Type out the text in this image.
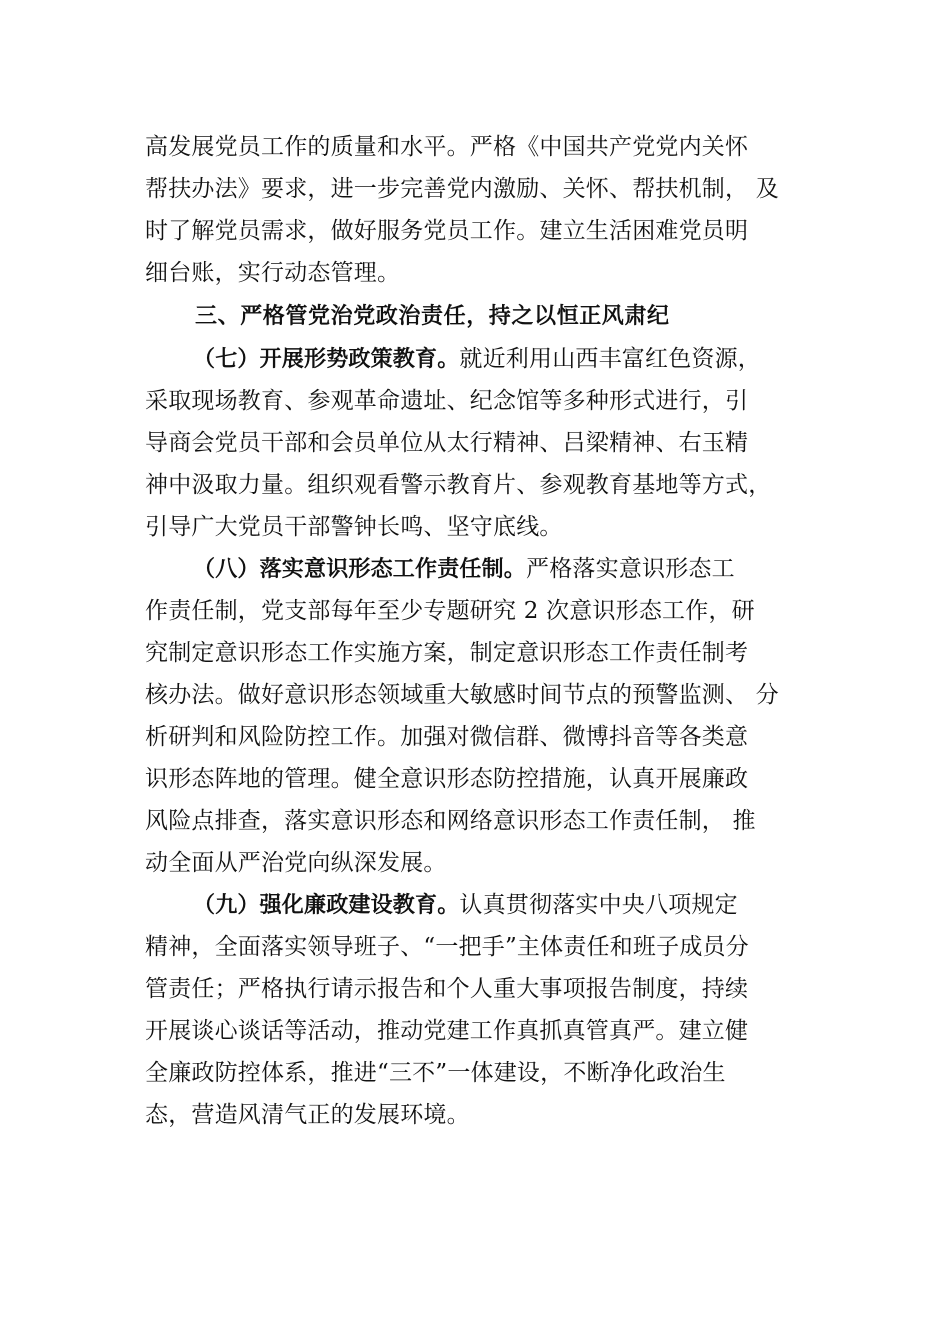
高发展党员工作的质量和水平。严格《中国共产党党内关怀
帮扶办法》要求，进一步完善党内激励、关怀、帮扶机制， 及
时了解党员需求，做好服务党员工作。建立生活困难党员明
细台账，实行动态管理。
三、严格管党治党政治责任，持之以恒正风肃纪
（七）开展形势政策教育。就近利用山西丰富红色资源，
采取现场教育、参观革命遗址、纪念馆等多种形式进行，引
导商会党员干部和会员单位从太行精神、吕梁精神、右玉精
神中汲取力量。组织观看警示教育片、参观教育基地等方式，
引导广大党员干部警钟长鸣、坚守底线。
（八）落实意识形态工作责任制。严格落实意识形态工
作责任制，党支部每年至少专题研究 2 次意识形态工作，研
究制定意识形态工作实施方案，制定意识形态工作责任制考
核办法。做好意识形态领域重大敏感时间节点的预警监测、 分
析研判和风险防控工作。加强对微信群、微博抖音等各类意
识形态阵地的管理。健全意识形态防控措施，认真开展廉政
风险点排查，落实意识形态和网络意识形态工作责任制， 推
动全面从严治党向纵深发展。
（九）强化廉政建设教育。认真贯彻落实中央八项规定
精神，全面落实领导班子、“一把手”主体责任和班子成员分
管责任；严格执行请示报告和个人重大事项报告制度，持续
开展谈心谈话等活动，推动党建工作真抓真管真严。建立健
全廉政防控体系，推进“三不”一体建设，不断净化政治生
态，营造风清气正的发展环境。
